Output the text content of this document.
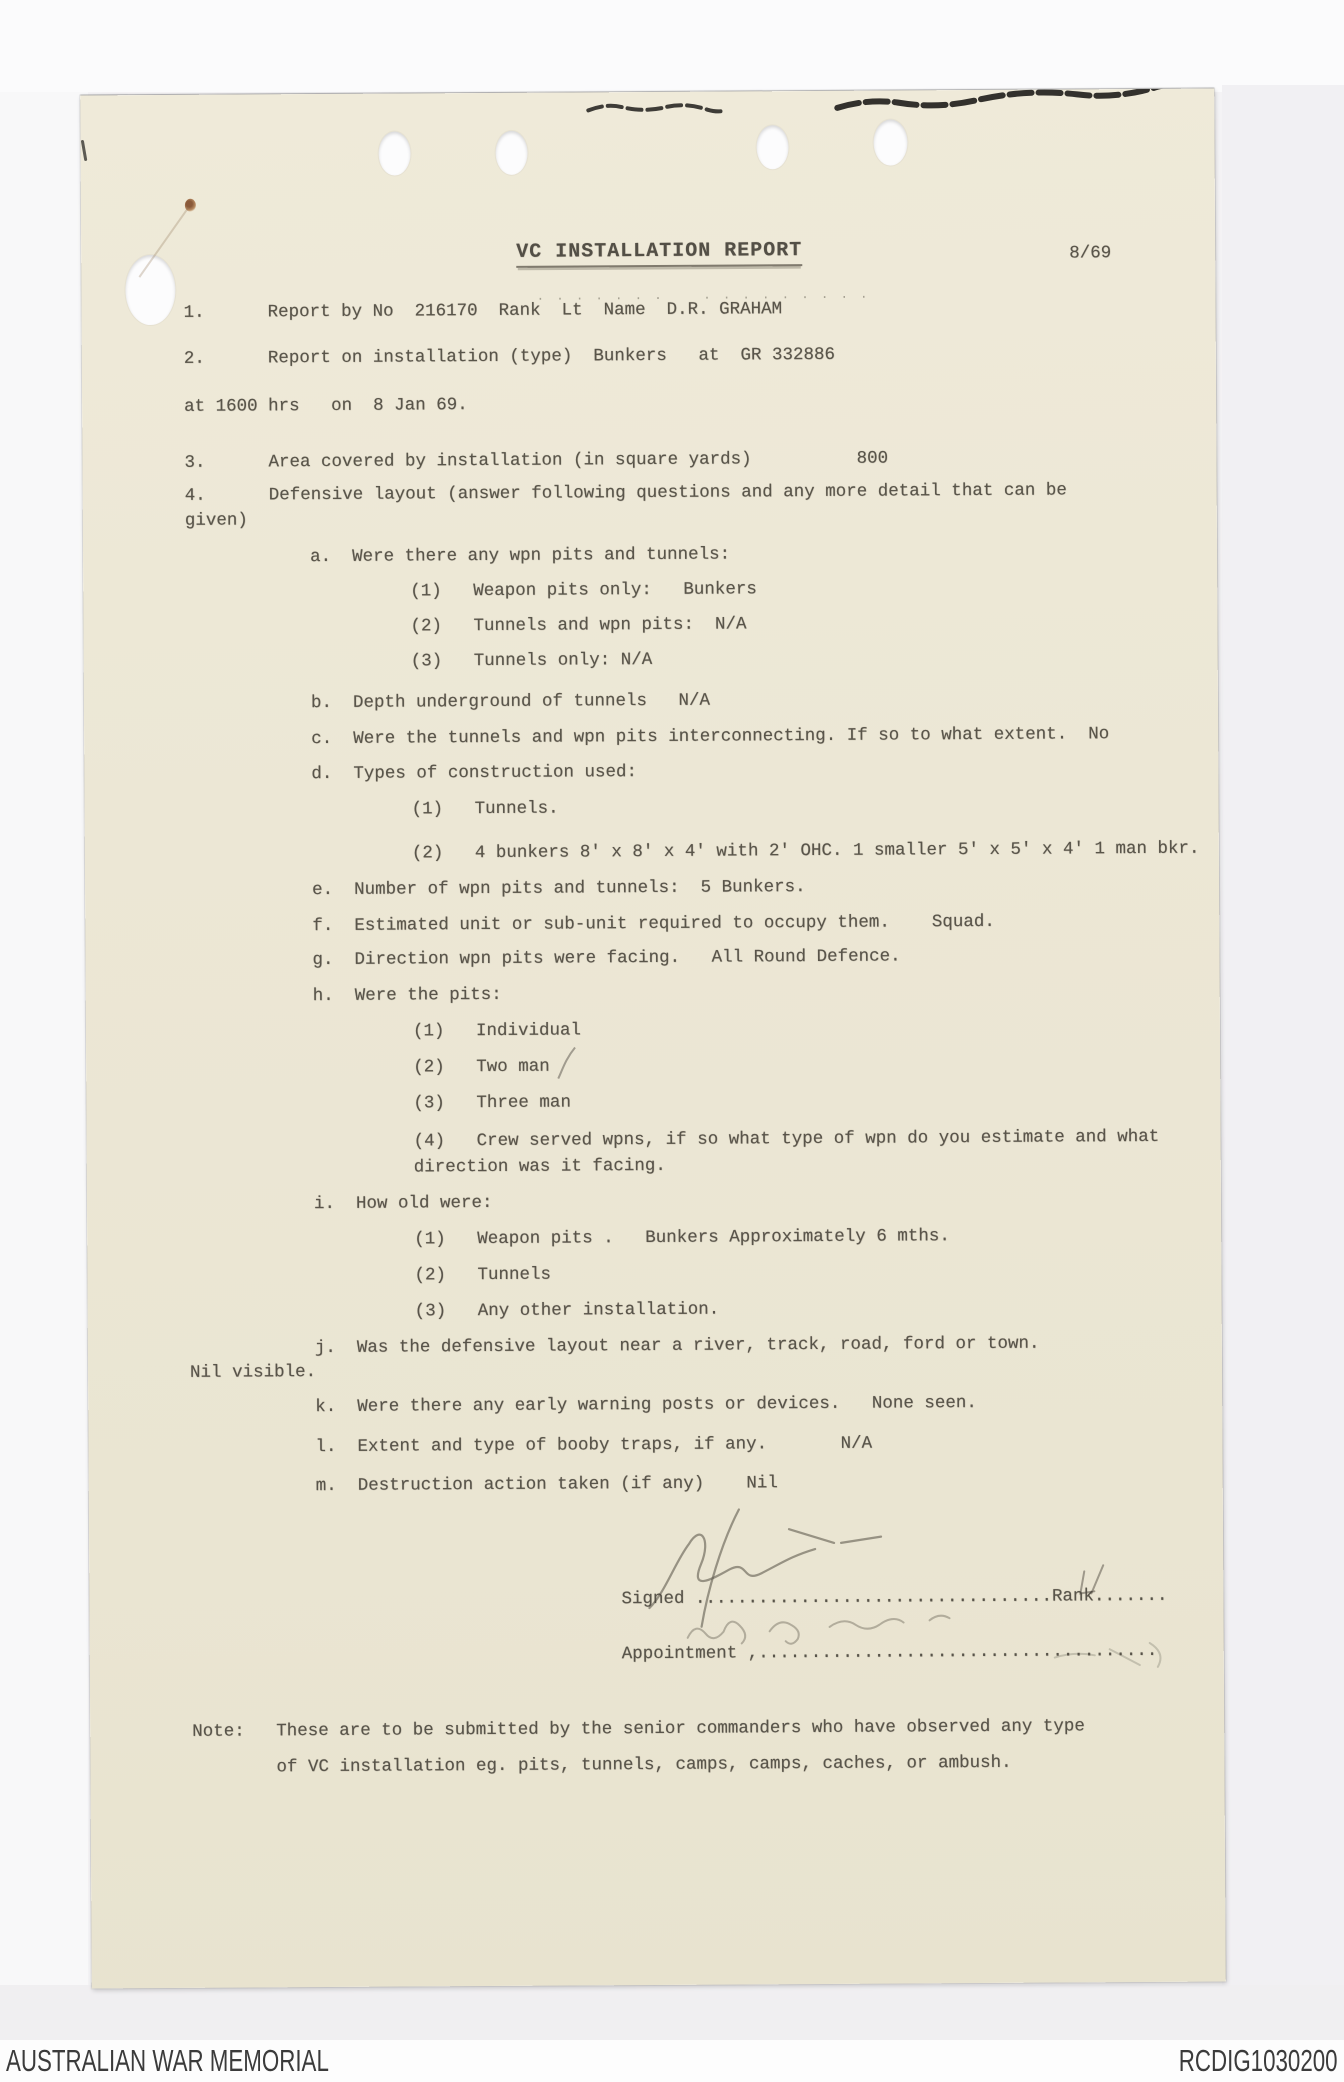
VC INSTALLATION REPORT	8/69
. . . . . . .    . . . . . . . . .
1.      Report by No  216170  Rank  Lt  Name  D.R. GRAHAM
2.      Report on installation (type)  Bunkers   at  GR 332886
at 1600 hrs   on  8 Jan 69.
3.      Area covered by installation (in square yards)          800
4.      Defensive layout (answer following questions and any more detail that can be
given)
a.  Were there any wpn pits and tunnels:
(1)   Weapon pits only:   Bunkers
(2)   Tunnels and wpn pits:  N/A
(3)   Tunnels only: N/A
b.  Depth underground of tunnels   N/A
c.  Were the tunnels and wpn pits interconnecting. If so to what extent.  No
d.  Types of construction used:
(1)   Tunnels.
(2)   4 bunkers 8' x 8' x 4' with 2' OHC. 1 smaller 5' x 5' x 4' 1 man bkr.
e.  Number of wpn pits and tunnels:  5 Bunkers.
f.  Estimated unit or sub-unit required to occupy them.    Squad.
g.  Direction wpn pits were facing.   All Round Defence.
h.  Were the pits:
(1)   Individual
(2)   Two man
(3)   Three man
(4)   Crew served wpns, if so what type of wpn do you estimate and what
direction was it facing.
i.  How old were:
(1)   Weapon pits .   Bunkers Approximately 6 mths.
(2)   Tunnels
(3)   Any other installation.
j.  Was the defensive layout near a river, track, road, ford or town.
Nil visible.
k.  Were there any early warning posts or devices.   None seen.
l.  Extent and type of booby traps, if any.       N/A
m.  Destruction action taken (if any)    Nil
Signed ..................................Rank.......
Appointment ,......................................
Note:   These are to be submitted by the senior commanders who have observed any type
of VC installation eg. pits, tunnels, camps, camps, caches, or ambush.
AUSTRALIAN WAR MEMORIAL	RCDIG1030200
